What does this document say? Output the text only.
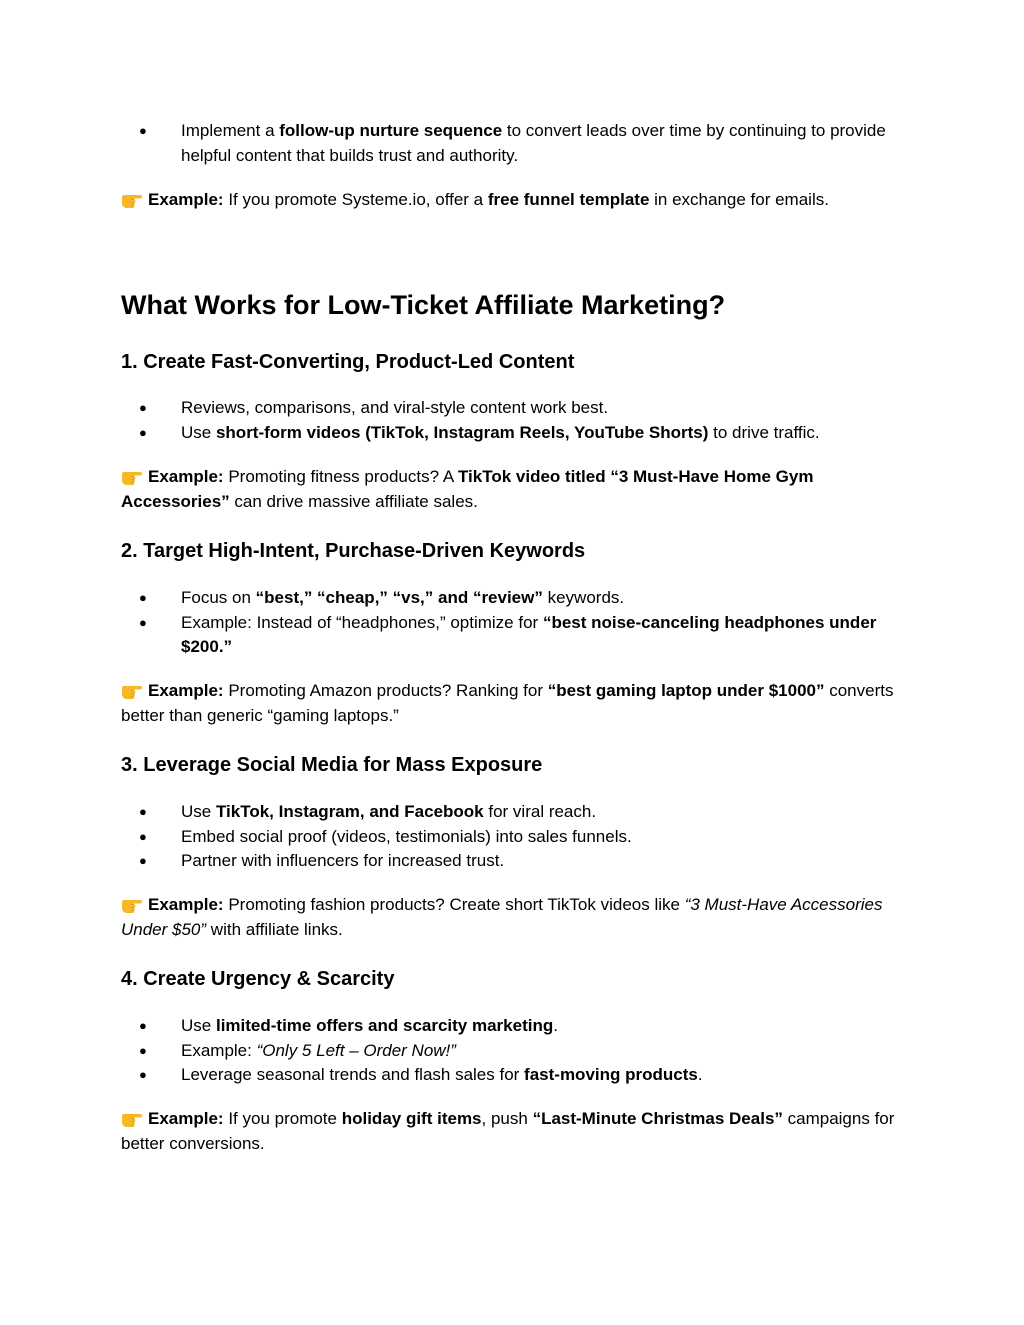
● Implement a follow-up nurture sequence to convert leads over time by continuing to provide helpful content that builds trust and authority.

Example: If you promote Systeme.io, offer a free funnel template in exchange for emails.

What Works for Low-Ticket Affiliate Marketing?
1. Create Fast-Converting, Product-Led Content
● Reviews, comparisons, and viral-style content work best.
● Use short-form videos (TikTok, Instagram Reels, YouTube Shorts) to drive traffic.

Example: Promoting fitness products? A TikTok video titled “3 Must-Have Home Gym Accessories” can drive massive affiliate sales.

2. Target High-Intent, Purchase-Driven Keywords
● Focus on “best,” “cheap,” “vs,” and “review” keywords.
● Example: Instead of “headphones,” optimize for “best noise-canceling headphones under $200.”

Example: Promoting Amazon products? Ranking for “best gaming laptop under $1000” converts better than generic “gaming laptops.”

3. Leverage Social Media for Mass Exposure
● Use TikTok, Instagram, and Facebook for viral reach.
● Embed social proof (videos, testimonials) into sales funnels.
● Partner with influencers for increased trust.

Example: Promoting fashion products? Create short TikTok videos like “3 Must-Have Accessories Under $50” with affiliate links.

4. Create Urgency & Scarcity
● Use limited-time offers and scarcity marketing.
● Example: “Only 5 Left – Order Now!”
● Leverage seasonal trends and flash sales for fast-moving products.

Example: If you promote holiday gift items, push “Last-Minute Christmas Deals” campaigns for better conversions.
